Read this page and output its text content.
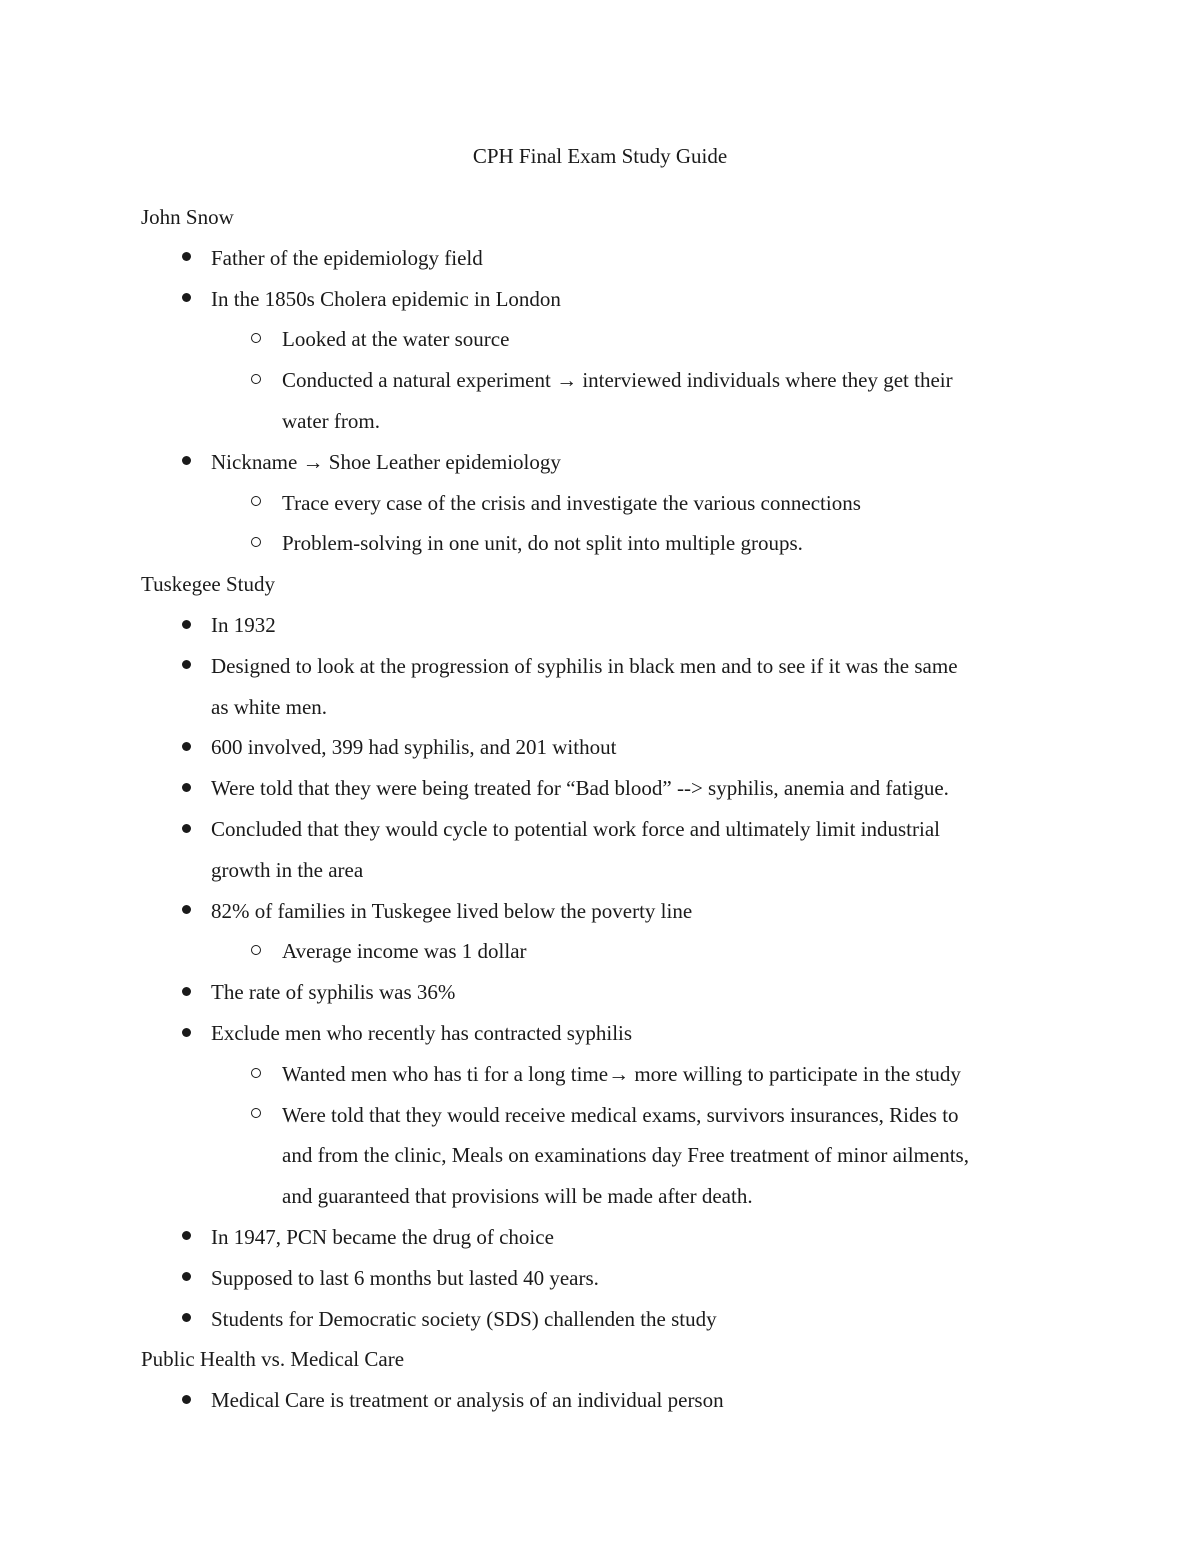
CPH Final Exam Study Guide
John Snow
Father of the epidemiology field
In the 1850s Cholera epidemic in London
Looked at the water source
Conducted a natural experiment → interviewed individuals where they get their
water from.
Nickname → Shoe Leather epidemiology
Trace every case of the crisis and investigate the various connections
Problem-solving in one unit, do not split into multiple groups.
Tuskegee Study
In 1932
Designed to look at the progression of syphilis in black men and to see if it was the same
as white men.
600 involved, 399 had syphilis, and 201 without
Were told that they were being treated for “Bad blood” --> syphilis, anemia and fatigue.
Concluded that they would cycle to potential work force and ultimately limit industrial
growth in the area
82% of families in Tuskegee lived below the poverty line
Average income was 1 dollar
The rate of syphilis was 36%
Exclude men who recently has contracted syphilis
Wanted men who has ti for a long time→ more willing to participate in the study
Were told that they would receive medical exams, survivors insurances, Rides to
and from the clinic, Meals on examinations day Free treatment of minor ailments,
and guaranteed that provisions will be made after death.
In 1947, PCN became the drug of choice
Supposed to last 6 months but lasted 40 years.
Students for Democratic society (SDS) challenden the study
Public Health vs. Medical Care
Medical Care is treatment or analysis of an individual person
